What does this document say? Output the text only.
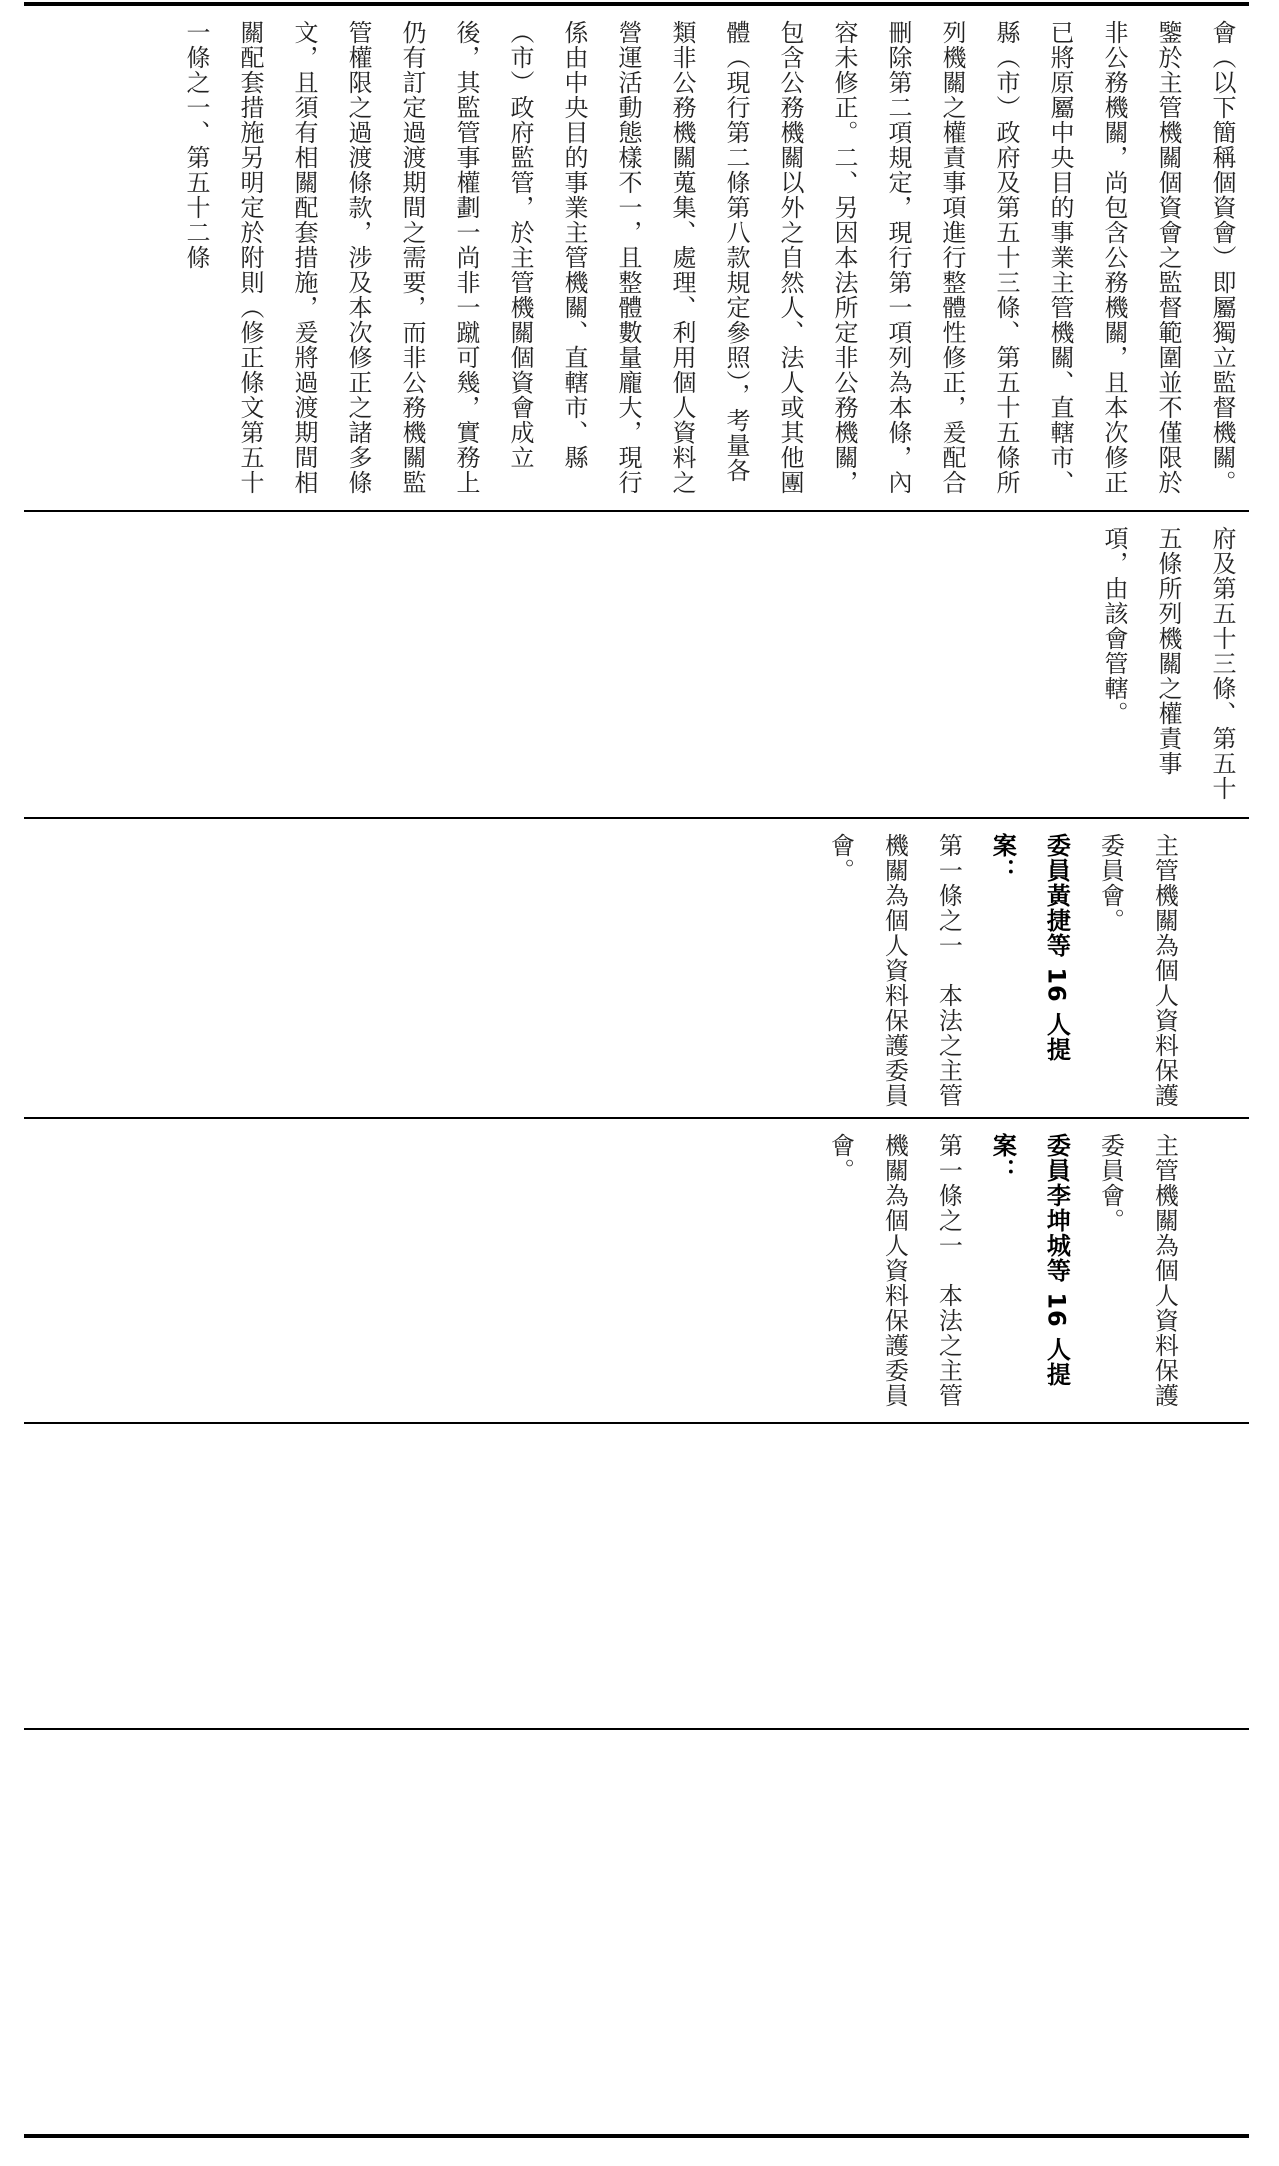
會（以下簡稱個資會）即屬獨立監督機關。鑒於主管機關個資會之監督範圍並不僅限於非公務機關，尚包含公務機關，且本次修正已將原屬中央目的事業主管機關、直轄市、縣（市）政府及第五十三條、第五十五條所列機關之權責事項進行整體性修正，爰配合刪除第二項規定，現行第一項列為本條，內容未修正。二、另因本法所定非公務機關，包含公務機關以外之自然人、法人或其他團體（現行第二條第八款規定參照），考量各類非公務機關蒐集、處理、利用個人資料之營運活動態樣不一，且整體數量龐大，現行係由中央目的事業主管機關、直轄市、縣（市）政府監管，於主管機關個資會成立後，其監管事權劃一尚非一蹴可幾，實務上仍有訂定過渡期間之需要，而非公務機關監管權限之過渡條款，涉及本次修正之諸多條文，且須有相關配套措施，爰將過渡期間相關配套措施另明定於附則（修正條文第五十一條之一、第五十二條

府及第五十三條、第五十五條所列機關之權責事項，由該會管轄。

主管機關為個人資料保護委員會。

委員黃捷等 16 人提案：

第一條之一　本法之主管機關為個人資料保護委員會。

主管機關為個人資料保護委員會。

委員李坤城等 16 人提案：

第一條之一　本法之主管機關為個人資料保護委員會。
